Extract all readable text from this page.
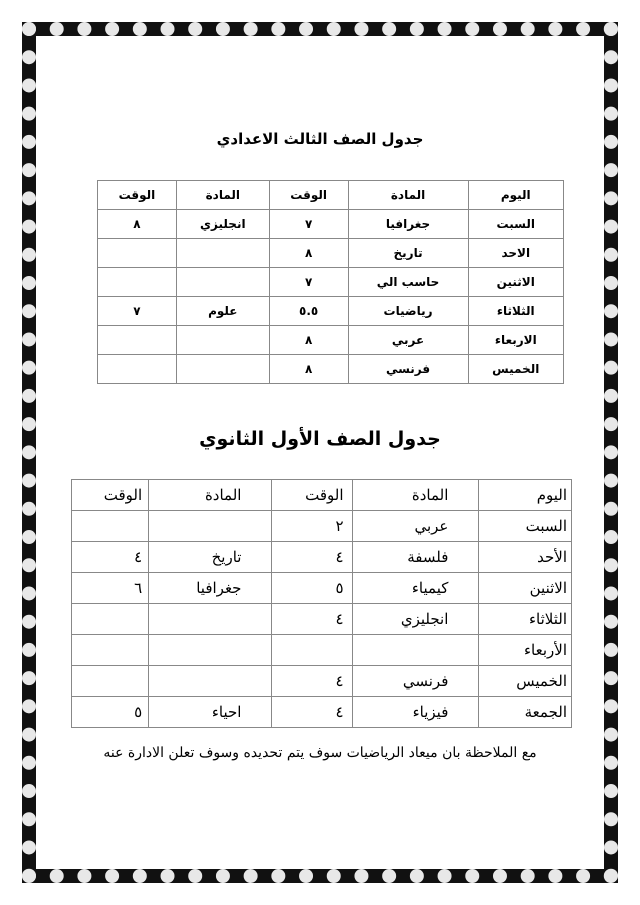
جدول الصف الثالث الاعدادي
اليوم	المادة	الوقت	المادة	الوقت
السبت	جغرافيا	٧	انجليزي	٨
الاحد	تاريخ	٨		
الاثنين	حاسب الي	٧		
الثلاثاء	رياضيات	٥.٥	علوم	٧
الاربعاء	عربي	٨		
الخميس	فرنسي	٨		
جدول الصف الأول الثانوي
اليوم	المادة	الوقت	المادة	الوقت
السبت	عربي	٢		
الأحد	فلسفة	٤	تاريخ	٤
الاثنين	كيمياء	٥	جغرافيا	٦
الثلاثاء	انجليزي	٤		
الأربعاء				
الخميس	فرنسي	٤		
الجمعة	فيزياء	٤	احياء	٥
مع الملاحظة بان ميعاد الرياضيات سوف يتم تحديده وسوف تعلن الادارة عنه
